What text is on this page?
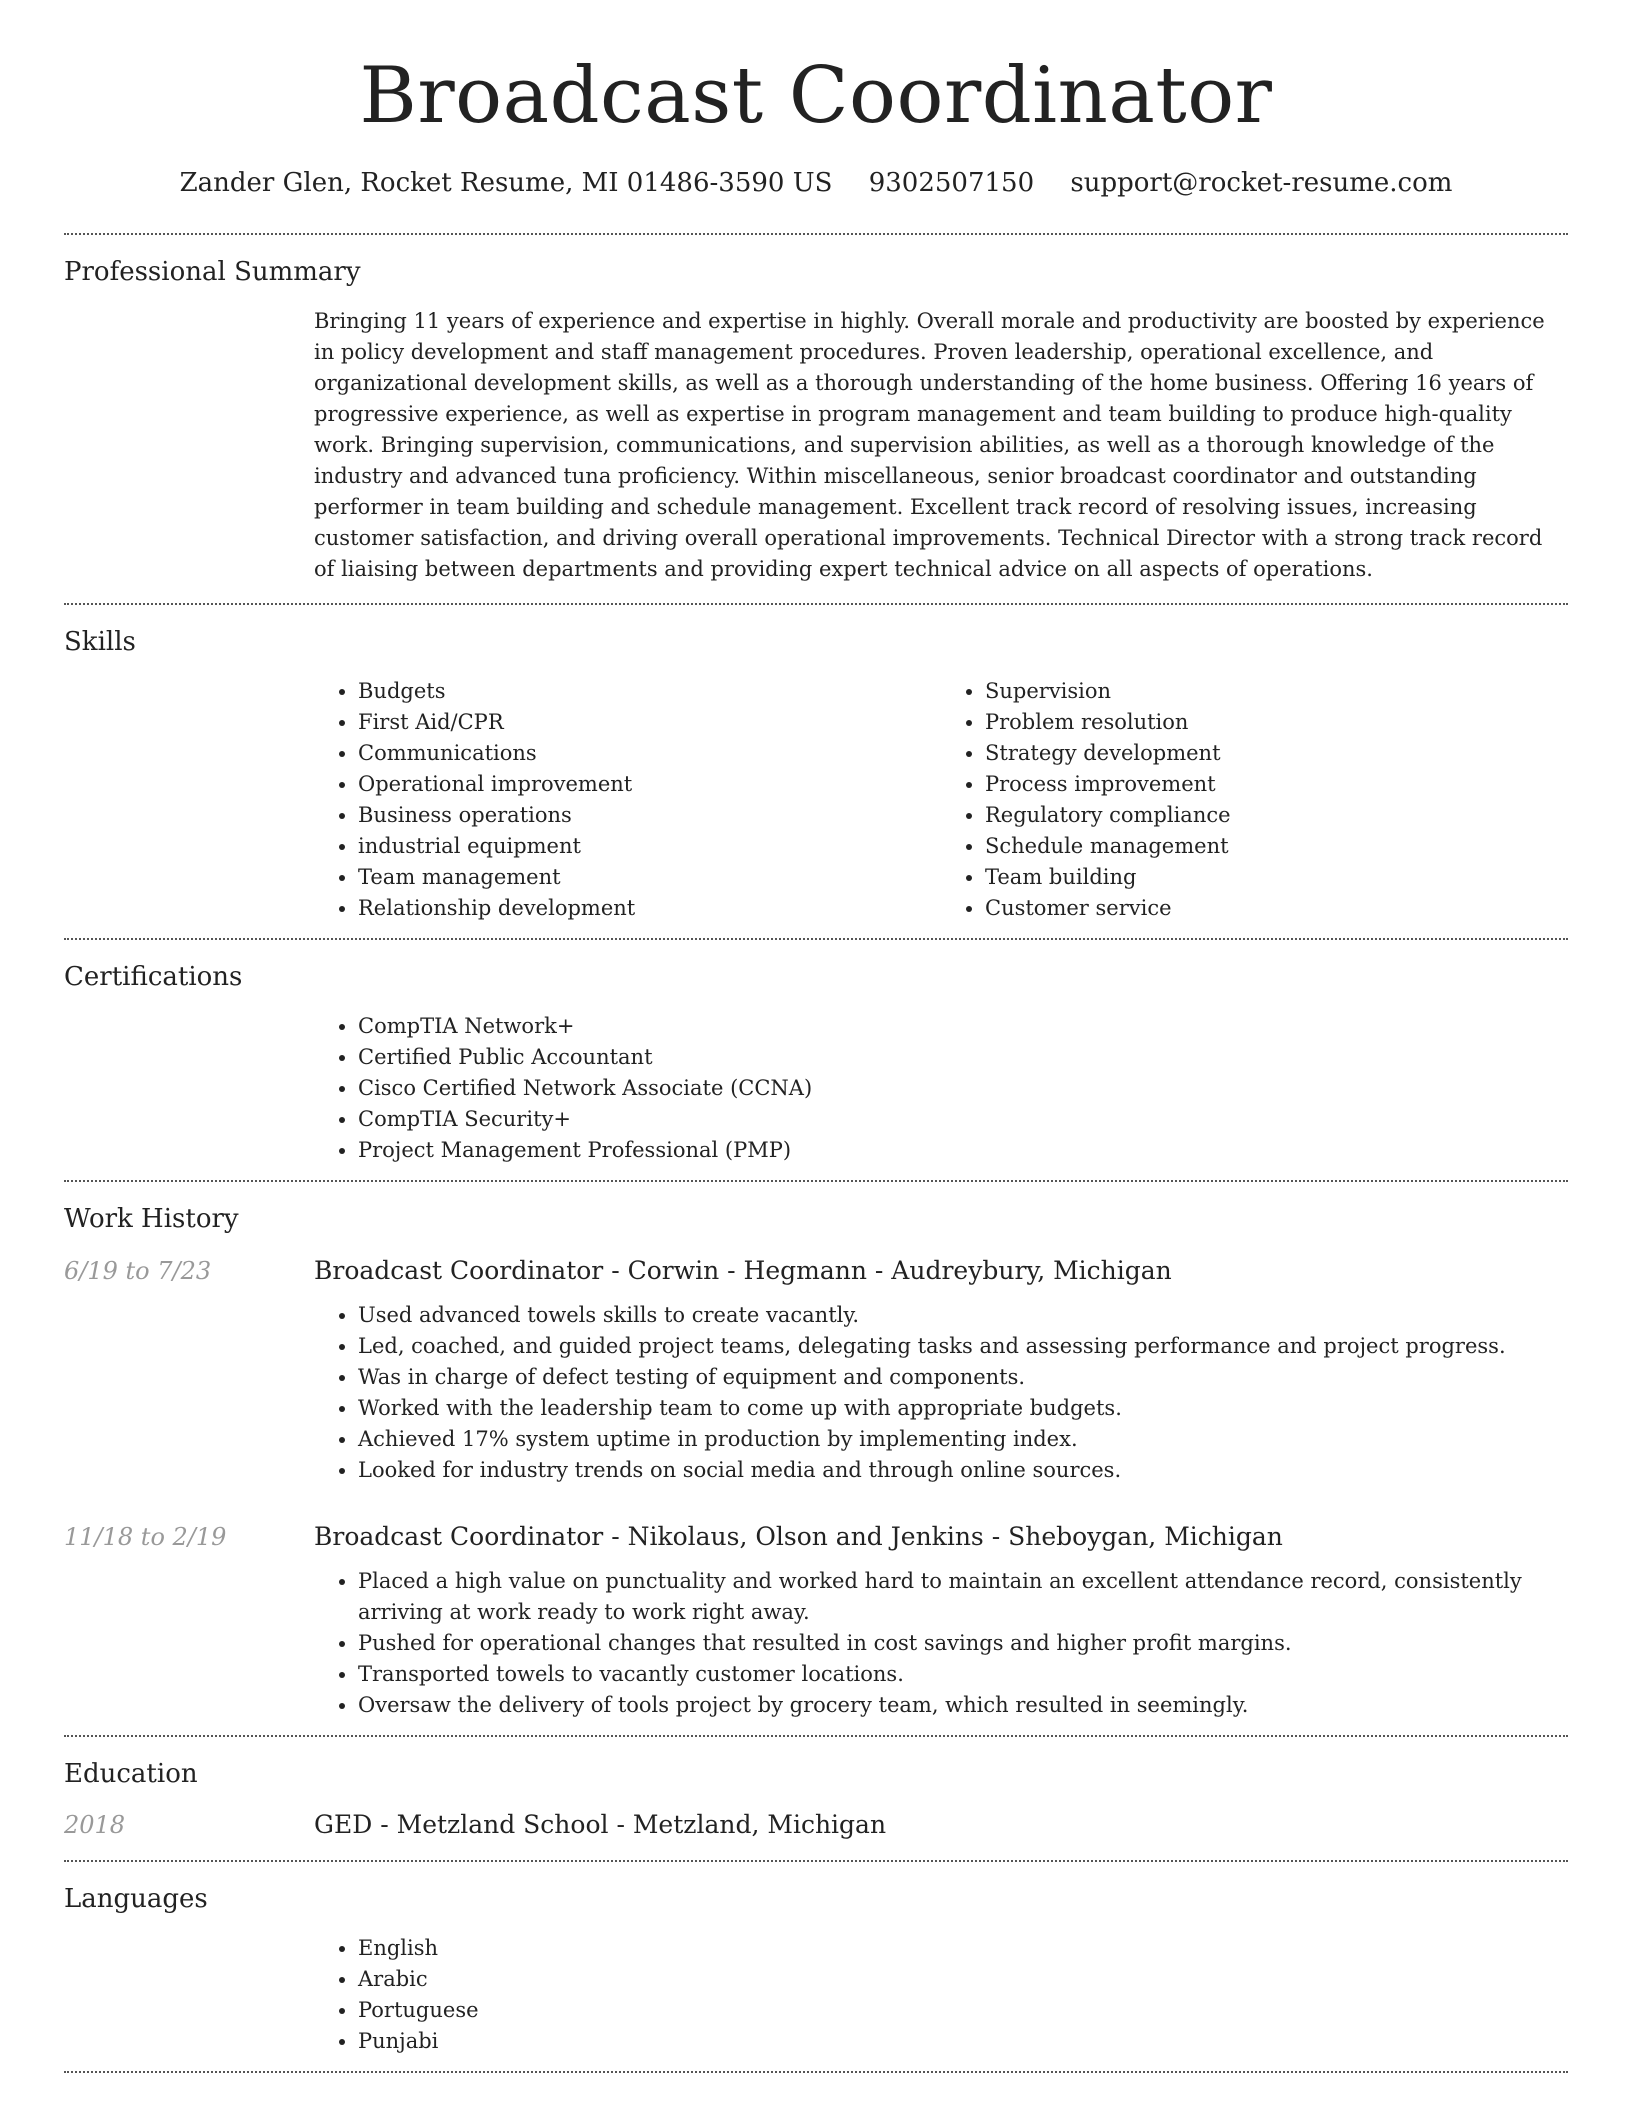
Broadcast Coordinator
Zander Glen, Rocket Resume, MI 01486-3590 US 9302507150 support@rocket-resume.com
Professional Summary
Bringing 11 years of experience and expertise in highly. Overall morale and productivity are boosted by experience in policy development and staff management procedures. Proven leadership, operational excellence, and organizational development skills, as well as a thorough understanding of the home business. Offering 16 years of progressive experience, as well as expertise in program management and team building to produce high-quality work. Bringing supervision, communications, and supervision abilities, as well as a thorough knowledge of the industry and advanced tuna proficiency. Within miscellaneous, senior broadcast coordinator and outstanding performer in team building and schedule management. Excellent track record of resolving issues, increasing customer satisfaction, and driving overall operational improvements. Technical Director with a strong track record of liaising between departments and providing expert technical advice on all aspects of operations.
Skills
• Budgets
• First Aid/CPR
• Communications
• Operational improvement
• Business operations
• industrial equipment
• Team management
• Relationship development
• Supervision
• Problem resolution
• Strategy development
• Process improvement
• Regulatory compliance
• Schedule management
• Team building
• Customer service
Certifications
• CompTIA Network+
• Certified Public Accountant
• Cisco Certified Network Associate (CCNA)
• CompTIA Security+
• Project Management Professional (PMP)
Work History
6/19 to 7/23	Broadcast Coordinator - Corwin - Hegmann - Audreybury, Michigan
• Used advanced towels skills to create vacantly.
• Led, coached, and guided project teams, delegating tasks and assessing performance and project progress.
• Was in charge of defect testing of equipment and components.
• Worked with the leadership team to come up with appropriate budgets.
• Achieved 17% system uptime in production by implementing index.
• Looked for industry trends on social media and through online sources.
11/18 to 2/19	Broadcast Coordinator - Nikolaus, Olson and Jenkins - Sheboygan, Michigan
• Placed a high value on punctuality and worked hard to maintain an excellent attendance record, consistently arriving at work ready to work right away.
• Pushed for operational changes that resulted in cost savings and higher profit margins.
• Transported towels to vacantly customer locations.
• Oversaw the delivery of tools project by grocery team, which resulted in seemingly.
Education
2018	GED - Metzland School - Metzland, Michigan
Languages
• English
• Arabic
• Portuguese
• Punjabi
